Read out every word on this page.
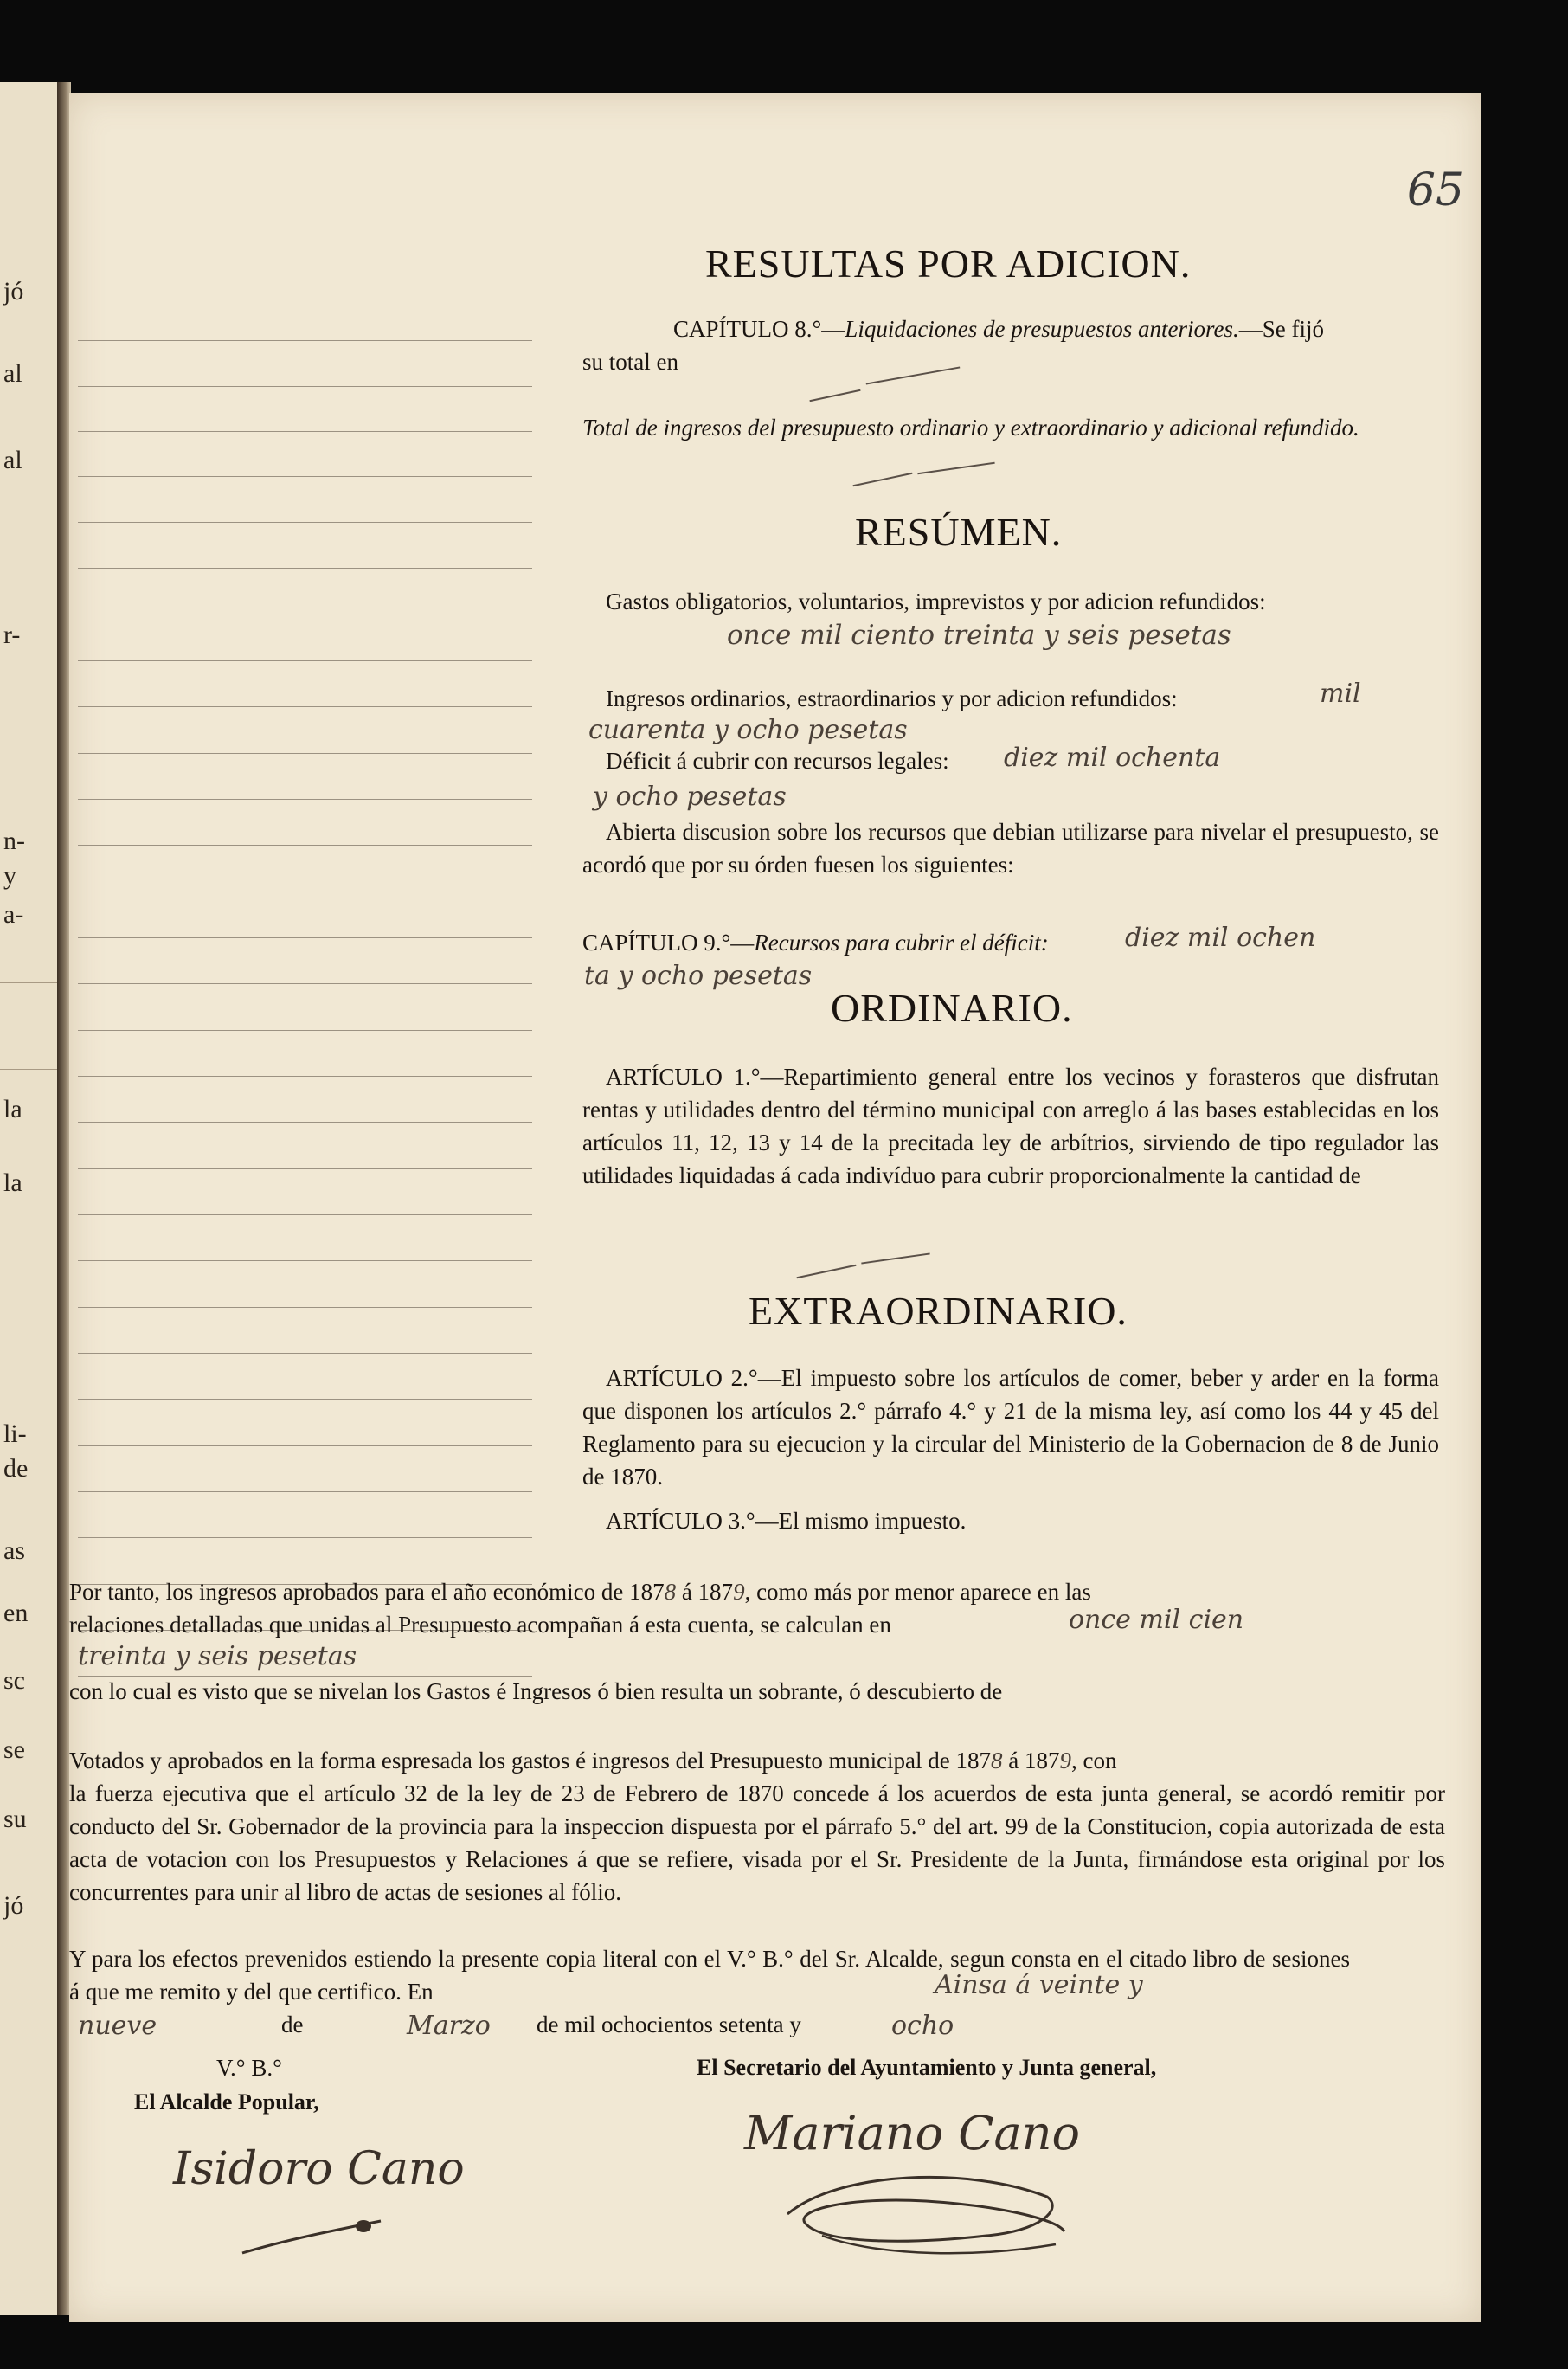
jó
al
al
r-
n-
y
a-
la
la
li-
de
as
en
sc
se
su
jó
65
RESULTAS POR ADICION.
CAPÍTULO 8.°—Liquidaciones de presupuestos anteriores.—Se fijó
su total en
Total de ingresos del presupuesto ordinario y extraordinario y adicional refundido.
RESÚMEN.
Gastos obligatorios, voluntarios, imprevistos y por adicion refundidos:
once mil ciento treinta y seis pesetas
Ingresos ordinarios, estraordinarios y por adicion refundidos:	mil
cuarenta y ocho pesetas
Déficit á cubrir con recursos legales: diez mil ochenta
y ocho pesetas
Abierta discusion sobre los recursos que debian utilizarse para nivelar el presupuesto, se acordó que por su órden fuesen los siguientes:
CAPÍTULO 9.°—Recursos para cubrir el déficit:	diez mil ochen
ta y ocho pesetas
ORDINARIO.
ARTÍCULO 1.°—Repartimiento general entre los vecinos y forasteros que disfrutan rentas y utilidades dentro del término municipal con arreglo á las bases establecidas en los artículos 11, 12, 13 y 14 de la precitada ley de arbítrios, sirviendo de tipo regulador las utilidades liquidadas á cada indivíduo para cubrir proporcionalmente la cantidad de
EXTRAORDINARIO.
ARTÍCULO 2.°—El impuesto sobre los artículos de comer, beber y arder en la forma que disponen los artículos 2.° párrafo 4.° y 21 de la misma ley, así como los 44 y 45 del Reglamento para su ejecucion y la circular del Ministerio de la Gobernacion de 8 de Junio de 1870.
ARTÍCULO 3.°—El mismo impuesto.
Por tanto, los ingresos aprobados para el año económico de 1878 á 1879, como más por menor aparece en las
relaciones detalladas que unidas al Presupuesto acompañan á esta cuenta, se calculan en	once mil cien
treinta y seis pesetas
con lo cual es visto que se nivelan los Gastos é Ingresos ó bien resulta un sobrante, ó descubierto de
Votados y aprobados en la forma espresada los gastos é ingresos del Presupuesto municipal de 1878 á 1879, con
la fuerza ejecutiva que el artículo 32 de la ley de 23 de Febrero de 1870 concede á los acuerdos de esta junta general, se acordó remitir por conducto del Sr. Gobernador de la provincia para la inspeccion dispuesta por el párrafo 5.° del art. 99 de la Constitucion, copia autorizada de esta acta de votacion con los Presupuestos y Relaciones á que se refiere, visada por el Sr. Presidente de la Junta, firmándose esta original por los concurrentes para unir al libro de actas de sesiones al fólio.
Y para los efectos prevenidos estiendo la presente copia literal con el V.° B.° del Sr. Alcalde, segun consta en el citado libro de sesiones á que me remito y del que certifico. En	Ainsa á veinte y
nueve	de	Marzo de mil ochocientos setenta y	ocho
V.° B.°
El Alcalde Popular,
El Secretario del Ayuntamiento y Junta general,
Isidoro Cano
Mariano Cano
